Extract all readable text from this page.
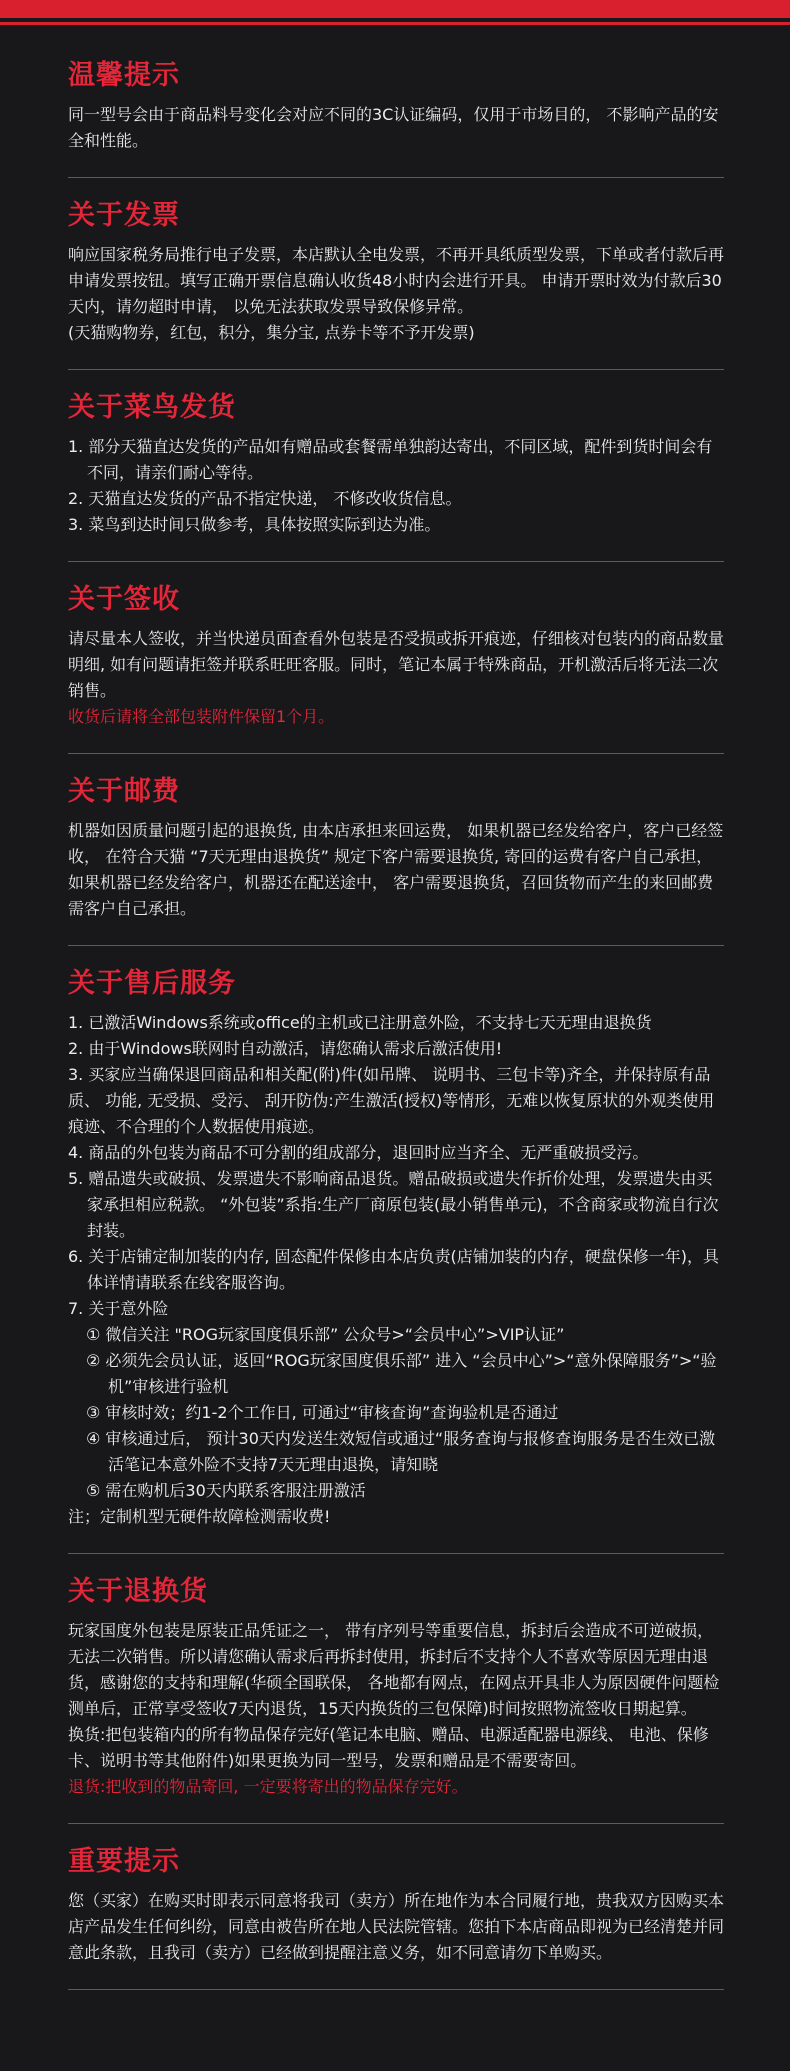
温馨提示
同一型号会由于商品料号变化会对应不同的3C认证编码，仅用于市场目的， 不影响产品的安全和性能。
关于发票
响应国家税务局推行电子发票，本店默认全电发票，不再开具纸质型发票，下单或者付款后再申请发票按钮。填写正确开票信息确认收货48小时内会进行开具。 申请开票时效为付款后30天内，请勿超时申请， 以免无法获取发票导致保修异常。
(天猫购物券，红包，积分，集分宝, 点券卡等不予开发票)
关于菜鸟发货
1. 部分天猫直达发货的产品如有赠品或套餐需单独韵达寄出，不同区域，配件到货时间会有不同，请亲们耐心等待。
2. 天猫直达发货的产品不指定快递， 不修改收货信息。
3. 菜鸟到达时间只做参考，具体按照实际到达为准。
关于签收
请尽量本人签收，并当快递员面查看外包装是否受损或拆开痕迹，仔细核对包装内的商品数量明细, 如有问题请拒签并联系旺旺客服。同时，笔记本属于特殊商品，开机激活后将无法二次销售。
收货后请将全部包装附件保留1个月。
关于邮费
机器如因质量问题引起的退换货, 由本店承担来回运费， 如果机器已经发给客户，客户已经签收， 在符合天猫 “7天无理由退换货” 规定下客户需要退换货, 寄回的运费有客户自己承担，如果机器已经发给客户，机器还在配送途中， 客户需要退换货，召回货物而产生的来回邮费需客户自己承担。
关于售后服务
1. 已激活Windows系统或office的主机或已注册意外险，不支持七天无理由退换货
2. 由于Windows联网时自动激活，请您确认需求后激活使用!
3. 买家应当确保退回商品和相关配(附)件(如吊牌、 说明书、三包卡等)齐全，并保持原有品质、 功能, 无受损、受污、 刮开防伪:产生激活(授权)等情形，无难以恢复原状的外观类使用痕迹、不合理的个人数据使用痕迹。
4. 商品的外包装为商品不可分割的组成部分，退回时应当齐全、无严重破损受污。
5. 赠品遗失或破损、发票遗失不影响商品退货。赠品破损或遗失作折价处理，发票遗失由买家承担相应税款。 “外包装”系指:生产厂商原包装(最小销售单元)，不含商家或物流自行次封装。
6. 关于店铺定制加装的内存, 固态配件保修由本店负责(店铺加装的内存，硬盘保修一年)，具体详情请联系在线客服咨询。
7. 关于意外险
① 微信关注 "ROG玩家国度俱乐部” 公众号>“会员中心”>VIP认证”
② 必须先会员认证，返回“ROG玩家国度俱乐部” 进入 “会员中心”>“意外保障服务”>“验机”审核进行验机
③ 审核时效；约1-2个工作日, 可通过“审核查询”查询验机是否通过
④ 审核通过后， 预计30天内发送生效短信或通过“服务查询与报修查询服务是否生效已激活笔记本意外险不支持7天无理由退换，请知晓
⑤ 需在购机后30天内联系客服注册激活
注；定制机型无硬件故障检测需收费!
关于退换货
玩家国度外包装是原装正品凭证之一， 带有序列号等重要信息，拆封后会造成不可逆破损，无法二次销售。所以请您确认需求后再拆封使用，拆封后不支持个人不喜欢等原因无理由退货，感谢您的支持和理解(华硕全国联保， 各地都有网点，在网点开具非人为原因硬件问题检测单后，正常享受签收7天内退货，15天内换货的三包保障)时间按照物流签收日期起算。
换货:把包装箱内的所有物品保存完好(笔记本电脑、赠品、电源适配器电源线、 电池、保修卡、说明书等其他附件)如果更换为同一型号，发票和赠品是不需要寄回。
退货:把收到的物品寄回, 一定要将寄出的物品保存完好。
重要提示
您（买家）在购买时即表示同意将我司（卖方）所在地作为本合同履行地，贵我双方因购买本店产品发生任何纠纷，同意由被告所在地人民法院管辖。您拍下本店商品即视为已经清楚并同意此条款，且我司（卖方）已经做到提醒注意义务，如不同意请勿下单购买。
